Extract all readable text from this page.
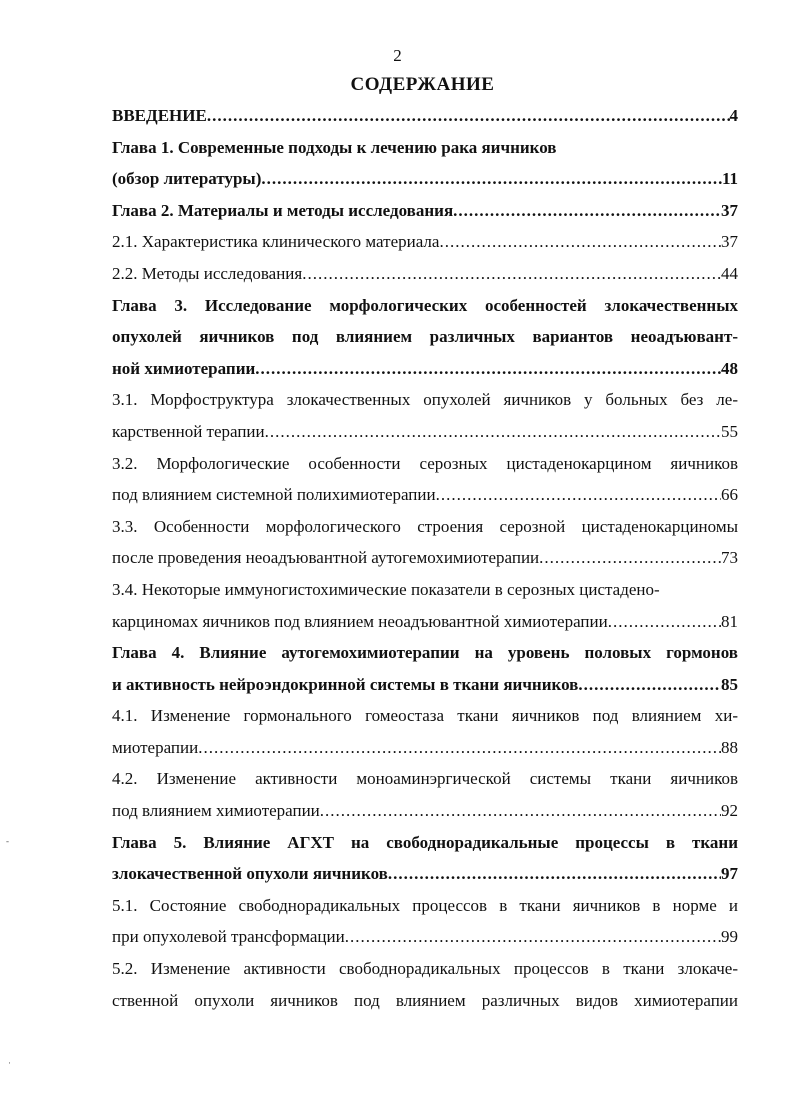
2
СОДЕРЖАНИЕ
ВВЕДЕНИЕ .....	4
Глава 1. Современные подходы к лечению рака яичников
(обзор литературы) .....	11
Глава 2. Материалы и методы исследования .....	37
2.1. Характеристика клинического материала .....	37
2.2. Методы исследования .....	44
Глава 3. Исследование морфологических особенностей злокачественных
опухолей яичников под влиянием различных вариантов неоадъювант-
ной химиотерапии .....	48
3.1. Морфоструктура злокачественных опухолей яичников у больных без ле-
карственной терапии .....	55
3.2. Морфологические особенности серозных цистаденокарцином яичников
под влиянием системной полихимиотерапии .....	66
3.3. Особенности морфологического строения серозной цистаденокарциномы
после проведения неоадъювантной аутогемохимиотерапии .....	73
3.4. Некоторые иммуногистохимические показатели в серозных цистадено-
карциномах яичников под влиянием неоадъювантной химиотерапии .....	81
Глава 4. Влияние аутогемохимиотерапии на уровень половых гормонов
и активность нейроэндокринной системы в ткани яичников .....	85
4.1. Изменение гормонального гомеостаза ткани яичников под влиянием хи-
миотерапии .....	88
4.2. Изменение активности моноаминэргической системы ткани яичников
под влиянием химиотерапии .....	92
Глава 5. Влияние АГХТ на свободнорадикальные процессы в ткани
злокачественной опухоли яичников .....	97
5.1. Состояние свободнорадикальных процессов в ткани яичников в норме и
при опухолевой трансформации .....	99
5.2. Изменение активности свободнорадикальных процессов в ткани злокаче-
ственной опухоли яичников под влиянием различных видов химиотерапии
-
·
